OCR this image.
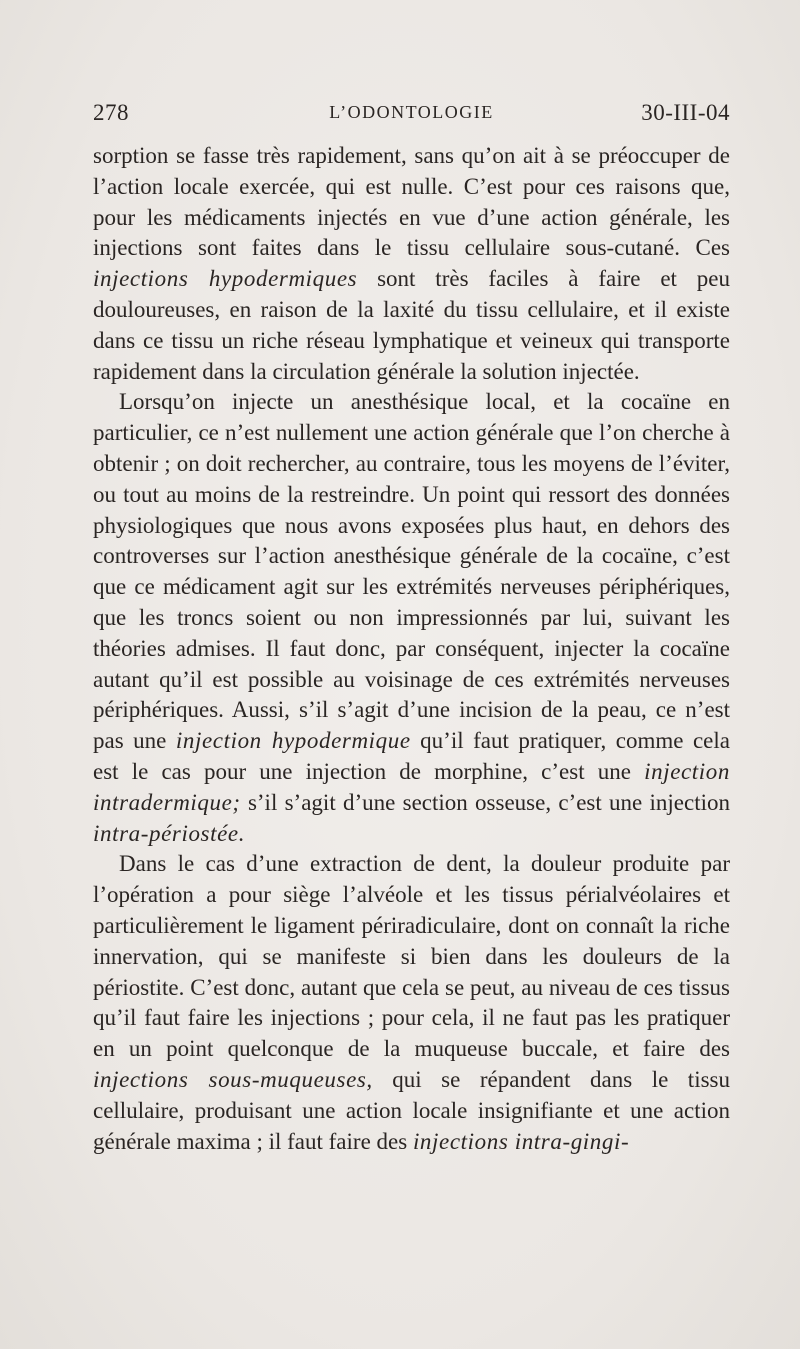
278	L’ODONTOLOGIE	30-III-04

sorption se fasse très rapidement, sans qu’on ait à se préoccuper de l’action locale exercée, qui est nulle. C’est pour ces raisons que, pour les médicaments injectés en vue d’une action générale, les injections sont faites dans le tissu cellulaire sous-cutané. Ces injections hypodermiques sont très faciles à faire et peu douloureuses, en raison de la laxité du tissu cellulaire, et il existe dans ce tissu un riche réseau lymphatique et veineux qui transporte rapidement dans la circulation générale la solution injectée.

Lorsqu’on injecte un anesthésique local, et la cocaïne en particulier, ce n’est nullement une action générale que l’on cherche à obtenir ; on doit rechercher, au contraire, tous les moyens de l’éviter, ou tout au moins de la restreindre. Un point qui ressort des données physiologiques que nous avons exposées plus haut, en dehors des controverses sur l’action anesthésique générale de la cocaïne, c’est que ce médicament agit sur les extrémités nerveuses périphériques, que les troncs soient ou non impressionnés par lui, suivant les théories admises. Il faut donc, par conséquent, injecter la cocaïne autant qu’il est possible au voisinage de ces extrémités nerveuses périphériques. Aussi, s’il s’agit d’une incision de la peau, ce n’est pas une injection hypodermique qu’il faut pratiquer, comme cela est le cas pour une injection de morphine, c’est une injection intradermique; s’il s’agit d’une section osseuse, c’est une injection intra-périostée.

Dans le cas d’une extraction de dent, la douleur produite par l’opération a pour siège l’alvéole et les tissus périalvéolaires et particulièrement le ligament périradiculaire, dont on connaît la riche innervation, qui se manifeste si bien dans les douleurs de la périostite. C’est donc, autant que cela se peut, au niveau de ces tissus qu’il faut faire les injections ; pour cela, il ne faut pas les pratiquer en un point quelconque de la muqueuse buccale, et faire des injections sous-muqueuses, qui se répandent dans le tissu cellulaire, produisant une action locale insignifiante et une action générale maxima ; il faut faire des injections intra-gingi-
